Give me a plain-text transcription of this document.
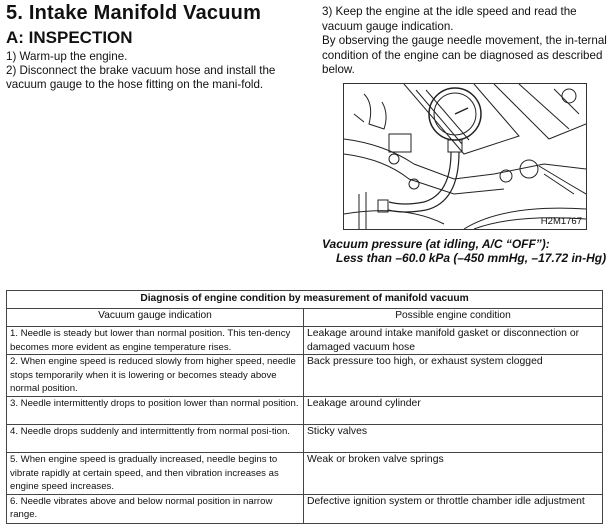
5. Intake Manifold Vacuum
A: INSPECTION

1) Warm-up the engine.

2) Disconnect the brake vacuum hose and install the vacuum gauge to the hose fitting on the mani-fold.

3) Keep the engine at the idle speed and read the vacuum gauge indication.

By observing the gauge needle movement, the in-ternal condition of the engine can be diagnosed as described below.

H2M1767
Vacuum pressure (at idling, A/C “OFF”):
Less than –60.0 kPa (–450 mmHg, –17.72 in-Hg)
Diagnosis of engine condition by measurement of manifold vacuum	
Vacuum gauge indication	Possible engine condition
1. Needle is steady but lower than normal position. This ten-dency becomes more evident as engine temperature rises.	Leakage around intake manifold gasket or disconnection or damaged vacuum hose
2. When engine speed is reduced slowly from higher speed, needle stops temporarily when it is lowering or becomes steady above normal position.	Back pressure too high, or exhaust system clogged
3. Needle intermittently drops to position lower than normal position.	Leakage around cylinder
4. Needle drops suddenly and intermittently from normal posi-tion.	Sticky valves
5. When engine speed is gradually increased, needle begins to vibrate rapidly at certain speed, and then vibration increases as engine speed increases.	Weak or broken valve springs
6. Needle vibrates above and below normal position in narrow range.	Defective ignition system or throttle chamber idle adjustment
